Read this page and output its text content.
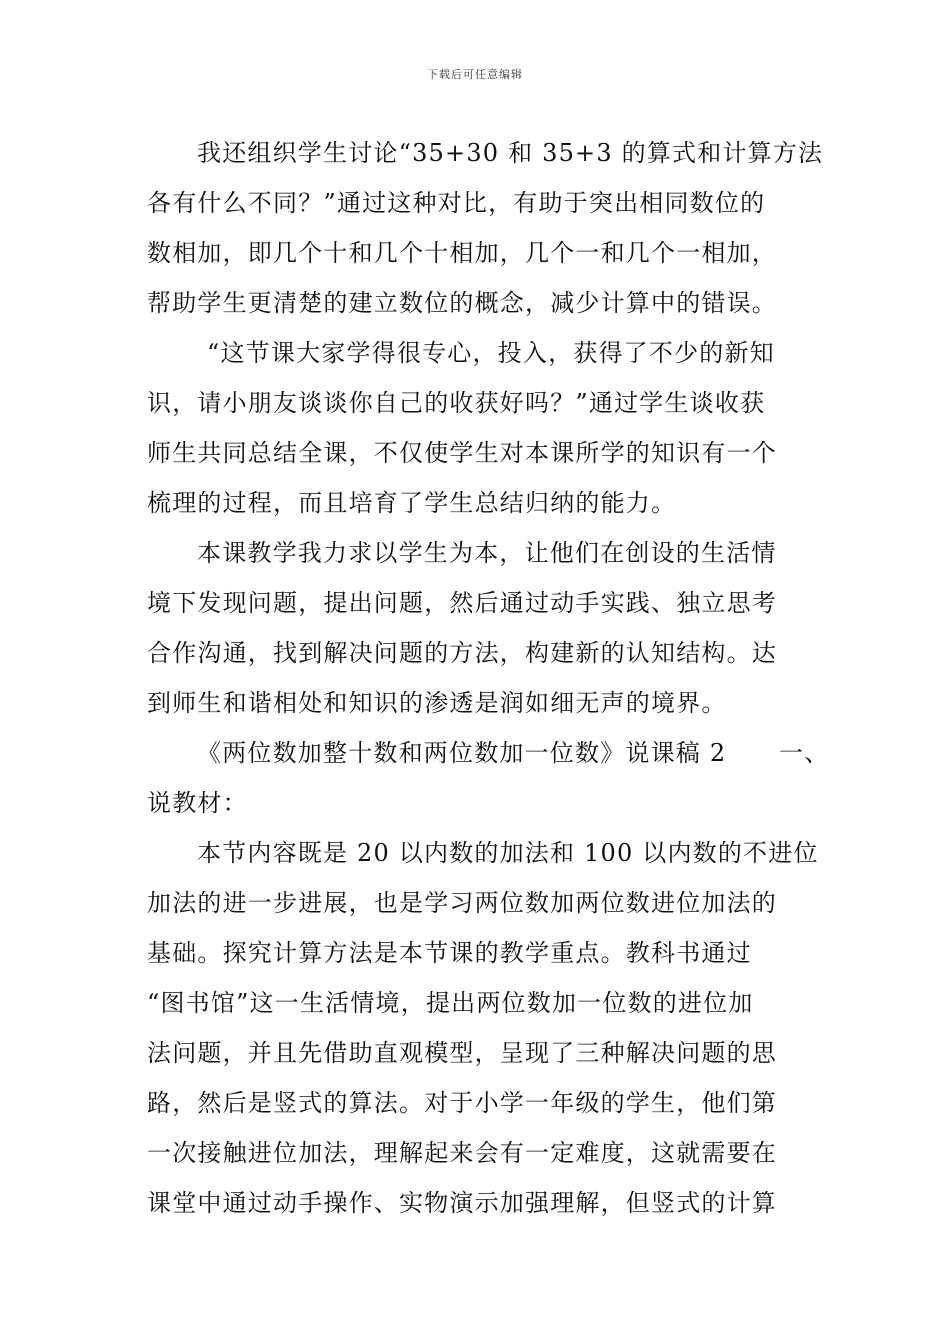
下载后可任意编辑
我还组织学生讨论“35+30 和 35+3 的算式和计算方法
各有什么不同？”通过这种对比，有助于突出相同数位的
数相加，即几个十和几个十相加，几个一和几个一相加，
帮助学生更清楚的建立数位的概念，减少计算中的错误。
“这节课大家学得很专心，投入，获得了不少的新知
识，请小朋友谈谈你自己的收获好吗？”通过学生谈收获
师生共同总结全课，不仅使学生对本课所学的知识有一个
梳理的过程，而且培育了学生总结归纳的能力。
本课教学我力求以学生为本，让他们在创设的生活情
境下发现问题，提出问题，然后通过动手实践、独立思考
合作沟通，找到解决问题的方法，构建新的认知结构。达
到师生和谐相处和知识的渗透是润如细无声的境界。
《两位数加整十数和两位数加一位数》说课稿 2 一、
说教材：
本节内容既是 20 以内数的加法和 100 以内数的不进位
加法的进一步进展，也是学习两位数加两位数进位加法的
基础。探究计算方法是本节课的教学重点。教科书通过
“图书馆”这一生活情境，提出两位数加一位数的进位加
法问题，并且先借助直观模型，呈现了三种解决问题的思
路，然后是竖式的算法。对于小学一年级的学生，他们第
一次接触进位加法，理解起来会有一定难度，这就需要在
课堂中通过动手操作、实物演示加强理解，但竖式的计算
